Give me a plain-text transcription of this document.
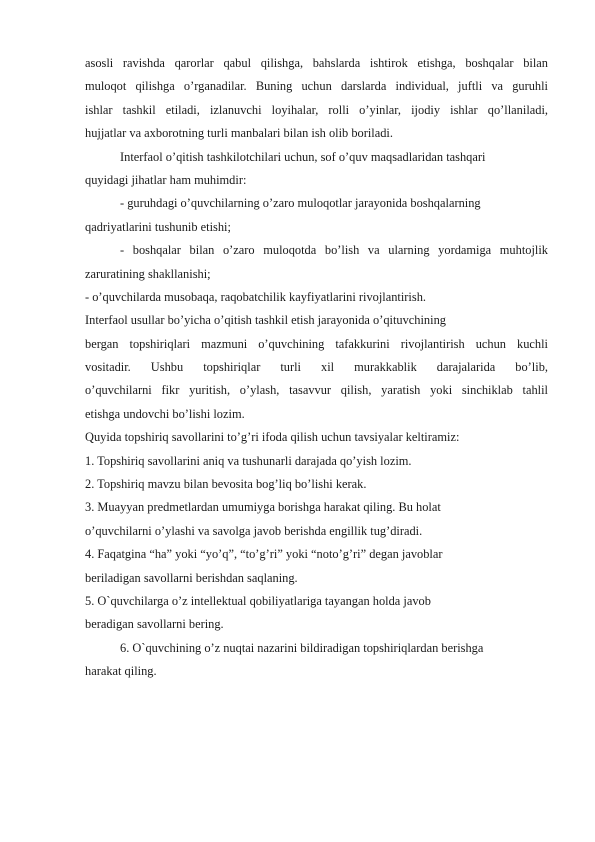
asosli ravishda qarorlar qabul qilishga, bahslarda ishtirok etishga, boshqalar bilan
muloqot qilishga o’rganadilar. Buning uchun darslarda individual, juftli va guruhli
ishlar tashkil etiladi, izlanuvchi loyihalar, rolli o’yinlar, ijodiy ishlar qo’llaniladi,
hujjatlar va axborotning turli manbalari bilan ish olib boriladi.
Interfaol o’qitish tashkilotchilari uchun, sof o’quv maqsadlaridan tashqari
quyidagi jihatlar ham muhimdir:
- guruhdagi o’quvchilarning o’zaro muloqotlar jarayonida boshqalarning
qadriyatlarini tushunib etishi;
- boshqalar bilan o’zaro muloqotda bo’lish va ularning yordamiga muhtojlik
zaruratining shakllanishi;
- o’quvchilarda musobaqa, raqobatchilik kayfiyatlarini rivojlantirish.
Interfaol usullar bo’yicha o’qitish tashkil etish jarayonida o’qituvchining
bergan topshiriqlari mazmuni o’quvchining tafakkurini rivojlantirish uchun kuchli
vositadir. Ushbu topshiriqlar turli xil murakkablik darajalarida bo’lib,
o’quvchilarni fikr yuritish, o’ylash, tasavvur qilish, yaratish yoki sinchiklab tahlil
etishga undovchi bo’lishi lozim.
Quyida topshiriq savollarini to’g’ri ifoda qilish uchun tavsiyalar keltiramiz:
1. Topshiriq savollarini aniq va tushunarli darajada qo’yish lozim.
2. Topshiriq mavzu bilan bevosita bog’liq bo’lishi kerak.
3. Muayyan predmetlardan umumiyga borishga harakat qiling. Bu holat
o’quvchilarni o’ylashi va savolga javob berishda engillik tug’diradi.
4. Faqatgina “ha” yoki “yo’q”, “to’g’ri” yoki “noto’g’ri” degan javoblar
beriladigan savollarni berishdan saqlaning.
5. O`quvchilarga o’z intellektual qobiliyatlariga tayangan holda javob
beradigan savollarni bering.
6. O`quvchining o’z nuqtai nazarini bildiradigan topshiriqlardan berishga
harakat qiling.
